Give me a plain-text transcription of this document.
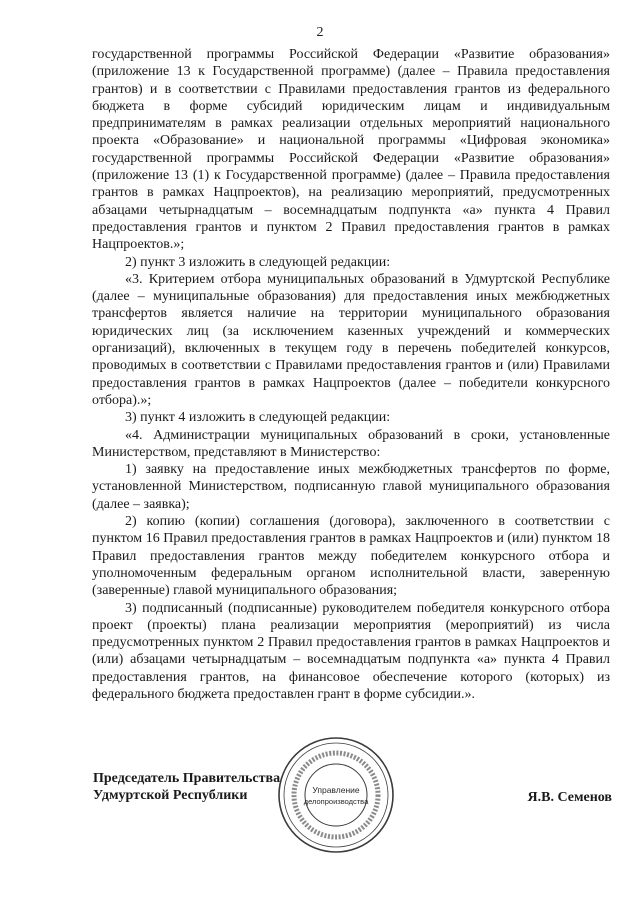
2

государственной программы Российской Федерации «Развитие образования» (приложение 13 к Государственной программе) (далее – Правила предоставления грантов) и в соответствии с Правилами предоставления грантов из федерального бюджета в форме субсидий юридическим лицам и индивидуальным предпринимателям в рамках реализации отдельных мероприятий национального проекта «Образование» и национальной программы «Цифровая экономика» государственной программы Российской Федерации «Развитие образования» (приложение 13 (1) к Государственной программе) (далее – Правила предоставления грантов в рамках Нацпроектов), на реализацию мероприятий, предусмотренных абзацами четырнадцатым – восемнадцатым подпункта «а» пункта 4 Правил предоставления грантов и пунктом 2 Правил предоставления грантов в рамках Нацпроектов.»;

2) пункт 3 изложить в следующей редакции:

«3. Критерием отбора муниципальных образований в Удмуртской Республике (далее – муниципальные образования) для предоставления иных межбюджетных трансфертов является наличие на территории муниципального образования юридических лиц (за исключением казенных учреждений и коммерческих организаций), включенных в текущем году в перечень победителей конкурсов, проводимых в соответствии с Правилами предоставления грантов и (или) Правилами предоставления грантов в рамках Нацпроектов (далее – победители конкурсного отбора).»;

3) пункт 4 изложить в следующей редакции:

«4. Администрации муниципальных образований в сроки, установленные Министерством, представляют в Министерство:

1) заявку на предоставление иных межбюджетных трансфертов по форме, установленной Министерством, подписанную главой муниципального образования (далее – заявка);

2) копию (копии) соглашения (договора), заключенного в соответствии с пунктом 16 Правил предоставления грантов в рамках Нацпроектов и (или) пунктом 18 Правил предоставления грантов между победителем конкурсного отбора и уполномоченным федеральным органом исполнительной власти, заверенную (заверенные) главой муниципального образования;

3) подписанный (подписанные) руководителем победителя конкурсного отбора проект (проекты) плана реализации мероприятия (мероприятий) из числа предусмотренных пунктом 2 Правил предоставления грантов в рамках Нацпроектов и (или) абзацами четырнадцатым – восемнадцатым подпункта «а» пункта 4 Правил предоставления грантов, на финансовое обеспечение которого (которых) из федерального бюджета предоставлен грант в форме субсидии.».

Председатель Правительства
Удмуртской Республики	Я.В. Семенов
Управление
делопроизводства
